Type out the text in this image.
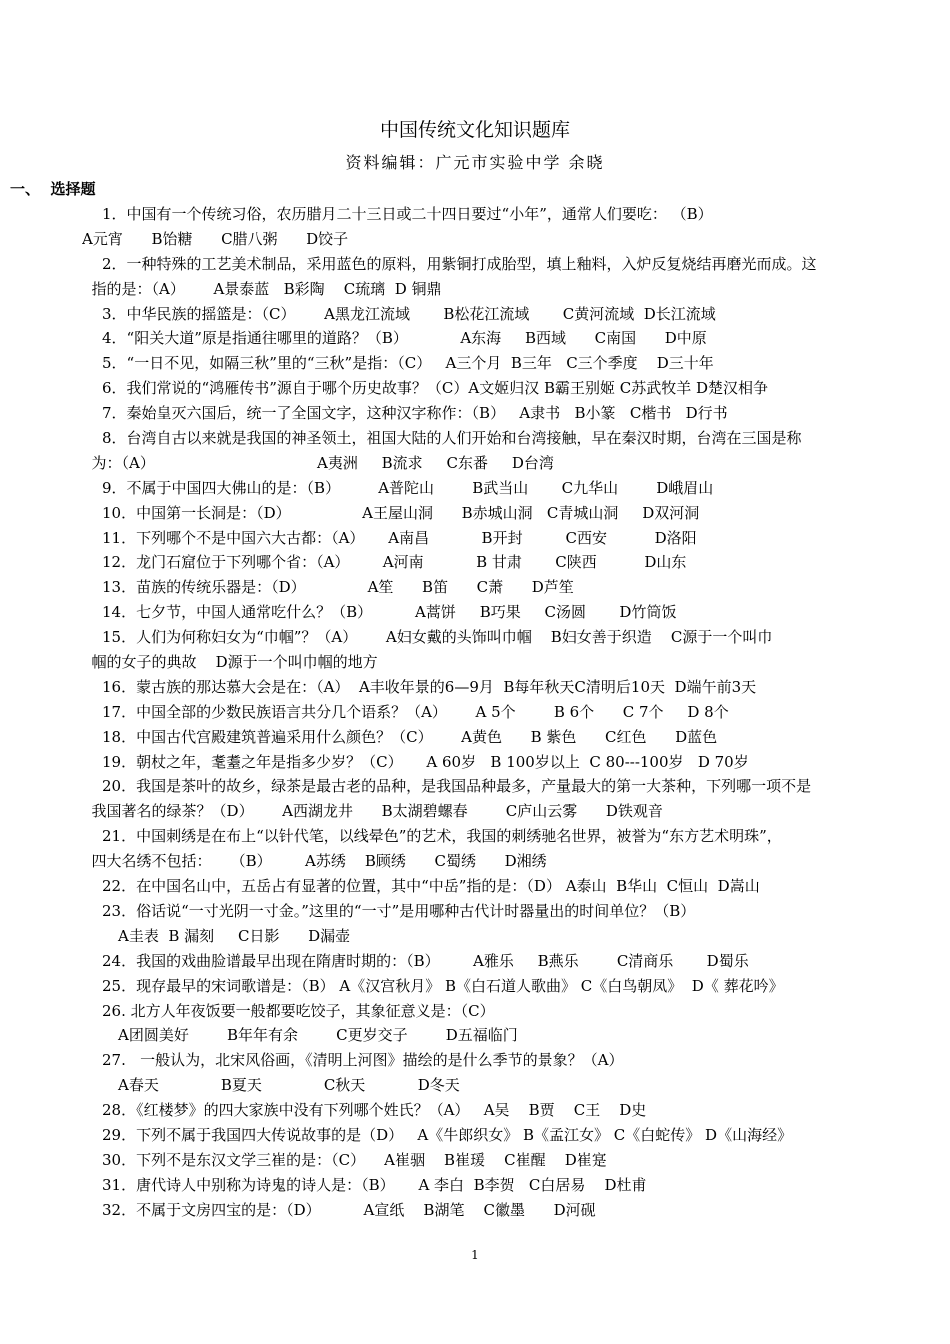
中国传统文化知识题库
资料编辑：广元市实验中学 余晓
一、  选择题
1．中国有一个传统习俗，农历腊月二十三日或二十四日要过“小年”，通常人们要吃： （B）
A元宵      B饴糖      C腊八粥      D饺子
2．一种特殊的工艺美术制品，采用蓝色的原料，用紫铜打成胎型，填上釉料，入炉反复烧结再磨光而成。这
指的是：（A）      A景泰蓝   B彩陶    C琉璃  D 铜鼎
3．中华民族的摇篮是：（C）      A黑龙江流域       B松花江流域       C黄河流域  D长江流域
4．“阳关大道”原是指通往哪里的道路？（B）           A东海     B西域      C南国      D中原
5．“一日不见，如隔三秋”里的“三秋”是指：（C）   A三个月  B三年   C三个季度    D三十年
6．我们常说的“鸿雁传书”源自于哪个历史故事？（C）A文姬归汉 B霸王别姬 C苏武牧羊 D楚汉相争
7．秦始皇灭六国后，统一了全国文字，这种汉字称作：（B）   A隶书   B小篆   C楷书   D行书
8．台湾自古以来就是我国的神圣领土，祖国大陆的人们开始和台湾接触，早在秦汉时期，台湾在三国是称
为：（A）                                  A夷洲     B流求     C东番     D台湾
9．不属于中国四大佛山的是：（B）        A普陀山        B武当山       C九华山        D峨眉山
10．中国第一长洞是：（D）               A王屋山洞      B赤城山洞   C青城山洞     D双河洞
11．下列哪个不是中国六大古都：（A）     A南昌           B开封         C西安          D洛阳
12．龙门石窟位于下列哪个省：（A）       A河南           B 甘肃       C陕西          D山东
13．苗族的传统乐器是：（D）             A笙      B笛      C萧      D芦笙
14．七夕节，中国人通常吃什么？（B）         A蒿饼     B巧果     C汤圆       D竹筒饭
15．人们为何称妇女为“巾帼”？（A）      A妇女戴的头饰叫巾帼    B妇女善于织造    C源于一个叫巾
帼的女子的典故    D源于一个叫巾帼的地方
16．蒙古族的那达慕大会是在：（A）  A丰收年景的6—9月  B每年秋天C清明后10天  D端午前3天
17．中国全部的少数民族语言共分几个语系？（A）      A 5个        B 6个      C 7个     D 8个
18．中国古代宫殿建筑普遍采用什么颜色？（C）      A黄色      B 紫色      C红色      D蓝色
19．朝杖之年，耄耋之年是指多少岁？（C）     A 60岁   B 100岁以上  C 80---100岁   D 70岁
20．我国是茶叶的故乡，绿茶是最古老的品种，是我国品种最多，产量最大的第一大茶种，下列哪一项不是
我国著名的绿茶？（D）      A西湖龙井      B太湖碧螺春        C庐山云雾      D铁观音
21．中国刺绣是在布上“以针代笔，以线晕色”的艺术，我国的刺绣驰名世界，被誉为“东方艺术明珠”，
四大名绣不包括：    （B）       A苏绣    B顾绣      C蜀绣      D湘绣
22．在中国名山中，五岳占有显著的位置，其中“中岳”指的是：（D） A泰山  B华山  C恒山  D嵩山
23．俗话说“一寸光阴一寸金。”这里的“一寸”是用哪种古代计时器量出的时间单位？（B）
A圭表  B 漏刻     C日影      D漏壶
24．我国的戏曲脸谱最早出现在隋唐时期的：（B）       A雅乐     B燕乐        C清商乐       D蜀乐
25．现存最早的宋词歌谱是：（B） A《汉宫秋月》 B《白石道人歌曲》 C《白鸟朝凤》  D《 葬花吟》
26. 北方人年夜饭要一般都要吃饺子，其象征意义是：（C）
A团圆美好        B年年有余        C更岁交子        D五福临门
27.   一般认为，北宋风俗画，《清明上河图》描绘的是什么季节的景象？（A）
A春天             B夏天             C秋天           D冬天
28．《红楼梦》的四大家族中没有下列哪个姓氏？（A）   A吴    B贾    C王    D史
29．下列不属于我国四大传说故事的是（D）   A《牛郎织女》 B《孟江女》 C《白蛇传》 D《山海经》
30．下列不是东汉文学三崔的是：（C）    A崔骃    B崔瑗    C崔醒    D崔寔
31．唐代诗人中别称为诗鬼的诗人是：（B）     A 李白  B李贺   C白居易    D杜甫
32．不属于文房四宝的是：（D）         A宣纸    B湖笔    C徽墨      D河砚
1
